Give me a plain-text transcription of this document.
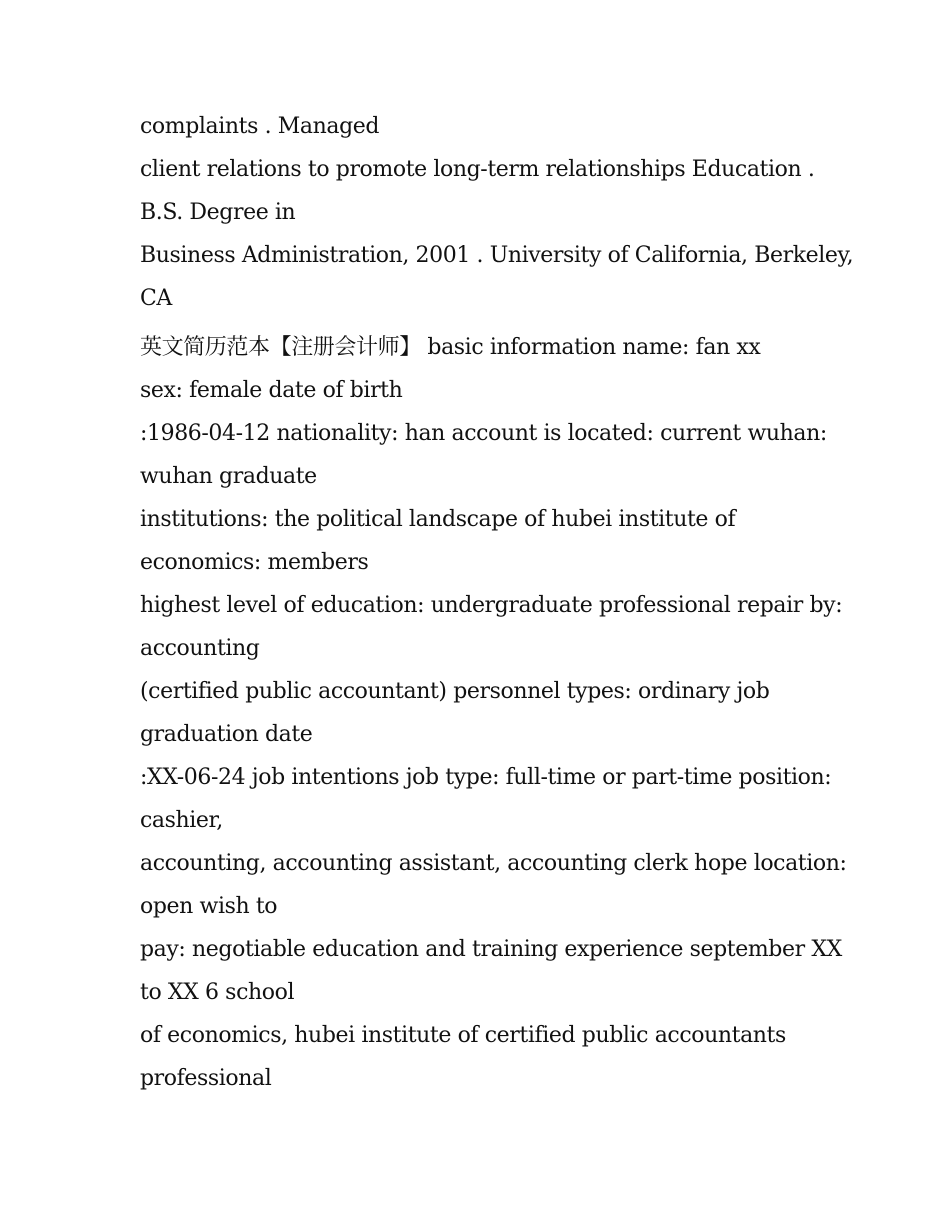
complaints . Managed
client relations to promote long-term relationships Education .
B.S. Degree in
Business Administration, 2001 . University of California, Berkeley,
CA
英文简历范本【注册会计师】 basic information name: fan xx
sex: female date of birth
:1986-04-12 nationality: han account is located: current wuhan:
wuhan graduate
institutions: the political landscape of hubei institute of
economics: members
highest level of education: undergraduate professional repair by:
accounting
(certified public accountant) personnel types: ordinary job
graduation date
:XX-06-24 job intentions job type: full-time or part-time position:
cashier,
accounting, accounting assistant, accounting clerk hope location:
open wish to
pay: negotiable education and training experience september XX
to XX 6 school
of economics, hubei institute of certified public accountants
professional
